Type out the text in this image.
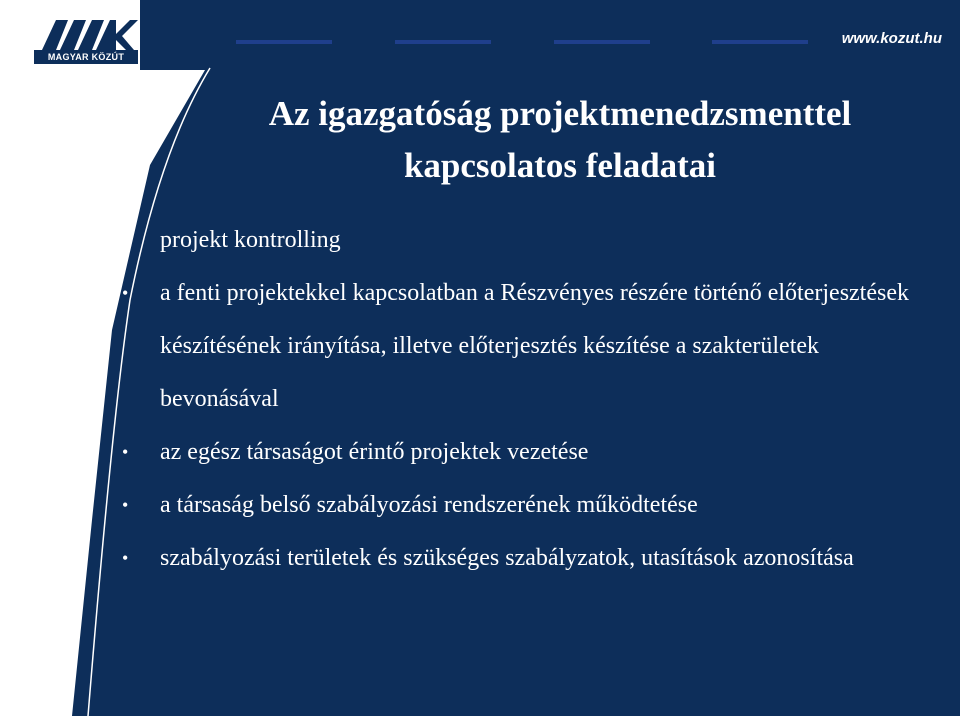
MAGYAR KÖZÚT
www.kozut.hu
Az igazgatóság projektmenedzsmenttel
kapcsolatos feladatai
• projekt kontrolling
• a fenti projektekkel kapcsolatban a Részvényes részére történő előterjesztések készítésének irányítása, illetve előterjesztés készítése a szakterületek bevonásával
• az egész társaságot érintő projektek vezetése
• a társaság belső szabályozási rendszerének működtetése
• szabályozási területek és szükséges szabályzatok, utasítások azonosítása
